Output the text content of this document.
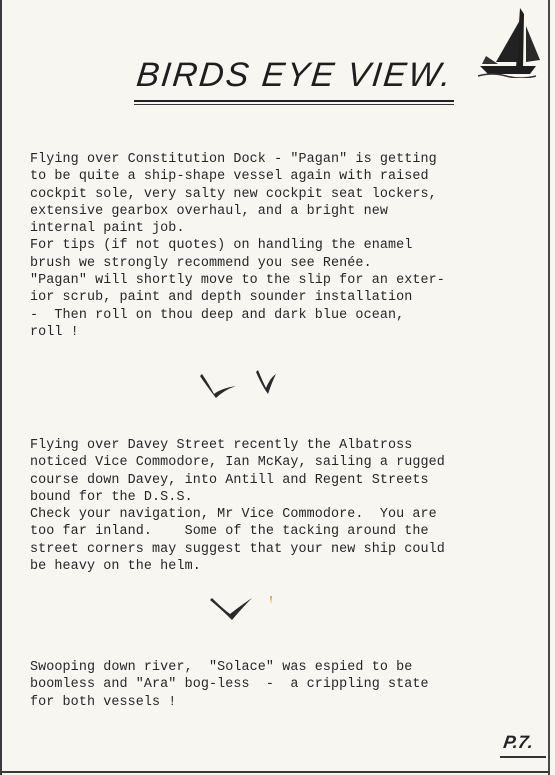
BIRDS EYE VIEW.
Flying over Constitution Dock - "Pagan" is getting
to be quite a ship-shape vessel again with raised
cockpit sole, very salty new cockpit seat lockers,
extensive gearbox overhaul, and a bright new
internal paint job.
For tips (if not quotes) on handling the enamel
brush we strongly recommend you see Renée.
"Pagan" will shortly move to the slip for an exter-
ior scrub, paint and depth sounder installation
-  Then roll on thou deep and dark blue ocean,
roll !
Flying over Davey Street recently the Albatross
noticed Vice Commodore, Ian McKay, sailing a rugged
course down Davey, into Antill and Regent Streets
bound for the D.S.S.
Check your navigation, Mr Vice Commodore.  You are
too far inland.    Some of the tacking around the
street corners may suggest that your new ship could
be heavy on the helm.
Swooping down river,  "Solace" was espied to be
boomless and "Ara" bog-less  -  a crippling state
for both vessels !
P.7.
